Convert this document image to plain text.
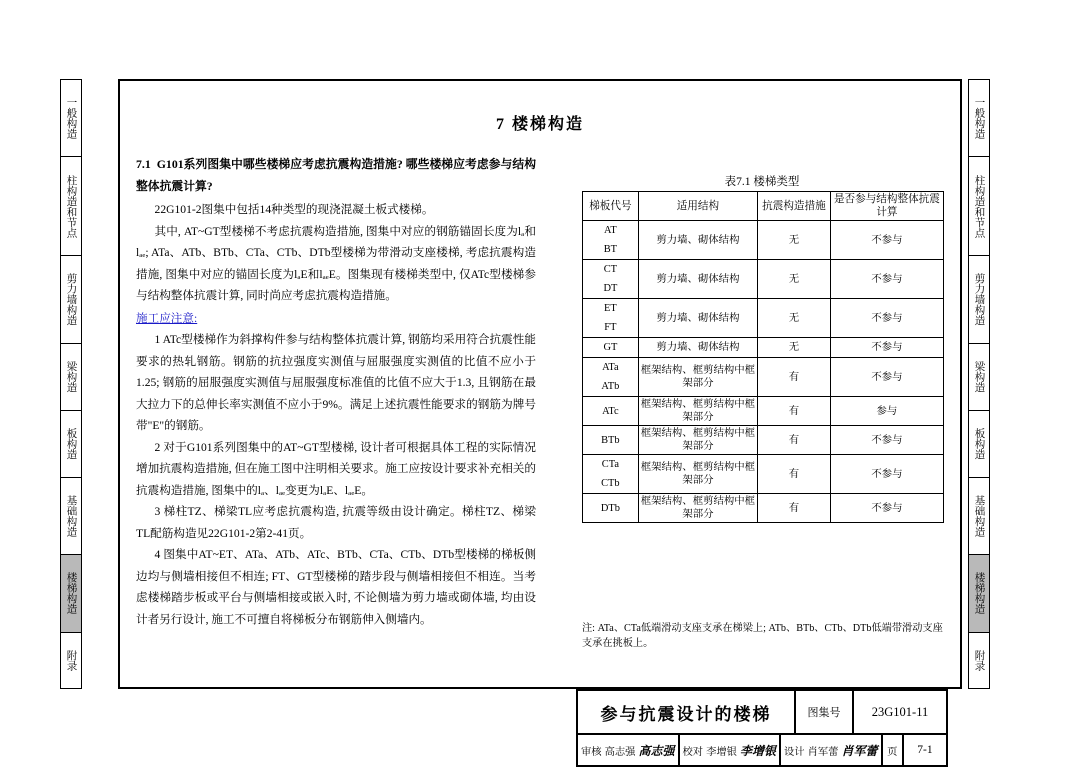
一般构造
柱构造和节点
剪力墙构造
梁构造
板构造
基础构造
楼梯构造
附录
一般构造
柱构造和节点
剪力墙构造
梁构造
板构造
基础构造
楼梯构造
附录
7 楼梯构造
7.1 G101系列图集中哪些楼梯应考虑抗震构造措施? 哪些楼梯应考虑参与结构整体抗震计算?
22G101-2图集中包括14种类型的现浇混凝土板式楼梯。
其中, AT~GT型楼梯不考虑抗震构造措施, 图集中对应的钢筋锚固长度为lₐ和lₐₑ; ATa、ATb、BTb、CTa、CTb、DTb型楼梯为带滑动支座楼梯, 考虑抗震构造措施, 图集中对应的锚固长度为lₐE和lₐₑE。图集现有楼梯类型中, 仅ATc型楼梯参与结构整体抗震计算, 同时尚应考虑抗震构造措施。
施工应注意:
1 ATc型楼梯作为斜撑构件参与结构整体抗震计算, 钢筋均采用符合抗震性能要求的热轧钢筋。钢筋的抗拉强度实测值与屈服强度实测值的比值不应小于1.25; 钢筋的屈服强度实测值与屈服强度标准值的比值不应大于1.3, 且钢筋在最大拉力下的总伸长率实测值不应小于9%。满足上述抗震性能要求的钢筋为牌号带"E"的钢筋。
2 对于G101系列图集中的AT~GT型楼梯, 设计者可根据具体工程的实际情况增加抗震构造措施, 但在施工图中注明相关要求。施工应按设计要求补充相关的抗震构造措施, 图集中的lₐ、lₐₑ变更为lₐE、lₐₑE。
3 梯柱TZ、梯梁TL应考虑抗震构造, 抗震等级由设计确定。梯柱TZ、梯梁TL配筋构造见22G101-2第2-41页。
4 图集中AT~ET、ATa、ATb、ATc、BTb、CTa、CTb、DTb型楼梯的梯板侧边均与侧墙相接但不相连; FT、GT型楼梯的踏步段与侧墙相接但不相连。当考虑楼梯踏步板或平台与侧墙相接或嵌入时, 不论侧墙为剪力墙或砌体墙, 均由设计者另行设计, 施工不可擅自将梯板分布钢筋伸入侧墙内。
表7.1 楼梯类型
梯板代号	适用结构	抗震构造措施	是否参与结构整体抗震计算
AT	剪力墙、砌体结构	无	不参与
BT			
CT	剪力墙、砌体结构	无	不参与
DT			
ET	剪力墙、砌体结构	无	不参与
FT			
GT	剪力墙、砌体结构	无	不参与
ATa	框架结构、框剪结构中框架部分	有	不参与
ATb			
ATc	框架结构、框剪结构中框架部分	有	参与
BTb	框架结构、框剪结构中框架部分	有	不参与
CTa	框架结构、框剪结构中框架部分	有	不参与
CTb			
DTb	框架结构、框剪结构中框架部分	有	不参与
注: ATa、CTa低端滑动支座支承在梯梁上; ATb、BTb、CTb、DTb低端带滑动支座支承在挑板上。
参与抗震设计的楼梯	图集号	23G101-11
审核 高志强 高志强 校对 李增银 李增银 设计 肖军蕾 肖军蕾 页	7-1
